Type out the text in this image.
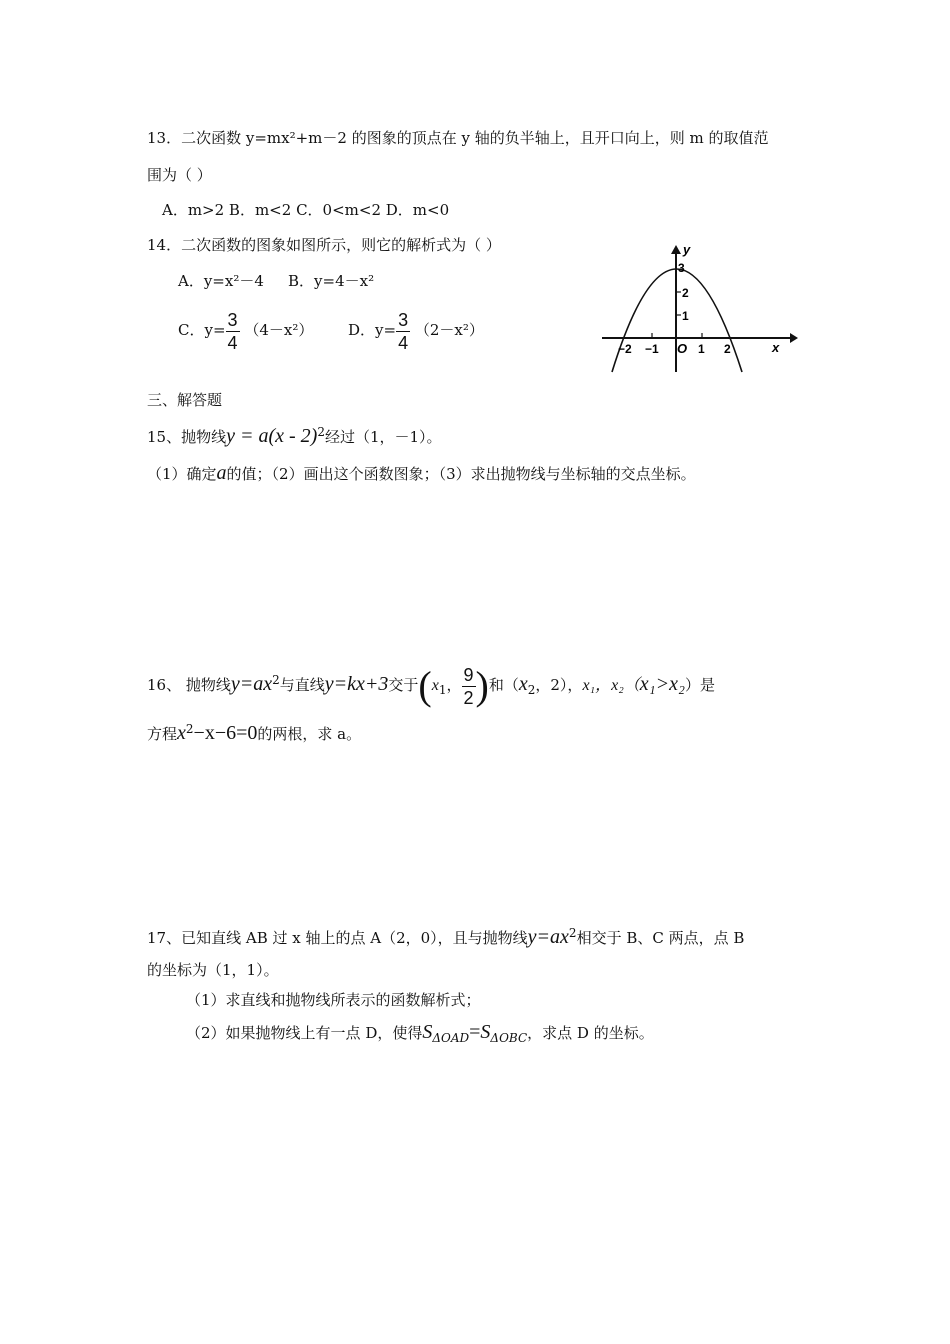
13．二次函数 y=mx²+m－2 的图象的顶点在 y 轴的负半轴上，且开口向上，则 m 的取值范
围为（ ）
A．m>2 B．m<2 C．0<m<2 D．m<0
14．二次函数的图象如图所示，则它的解析式为（ ）
A．y=x²－4 B．y=4－x²
C．$y= \frac{3}{4} (4-x^2)$ D．$y= \frac{3}{4} (2-x^2)$
y
x
O
3
2
1
−2 −1	1 2
三、解答题
15、抛物线y = a(x - 2)$^2$经过（1，－1）。
（1）确定a的值；（2）画出这个函数图象；（3）求出抛物线与坐标轴的交点坐标。
16、 抛物线$y=ax^2$与直线y=kx+3交于($x_1$， $\frac{9}{2}$ )和（$x_2$，2），x₁，x₂（x₁>x₂）是
方程$x^2-x-6=0$的两根，求 a。
17、已知直线 AB 过 x 轴上的点 A（2，0），且与抛物线$y=ax^2$相交于 B、C 两点，点 B
的坐标为（1，1）。
（1）求直线和抛物线所表示的函数解析式；
（2）如果抛物线上有一点 D，使得$S_{\Delta OAD}=S_{\Delta OBC}$，求点 D 的坐标。
